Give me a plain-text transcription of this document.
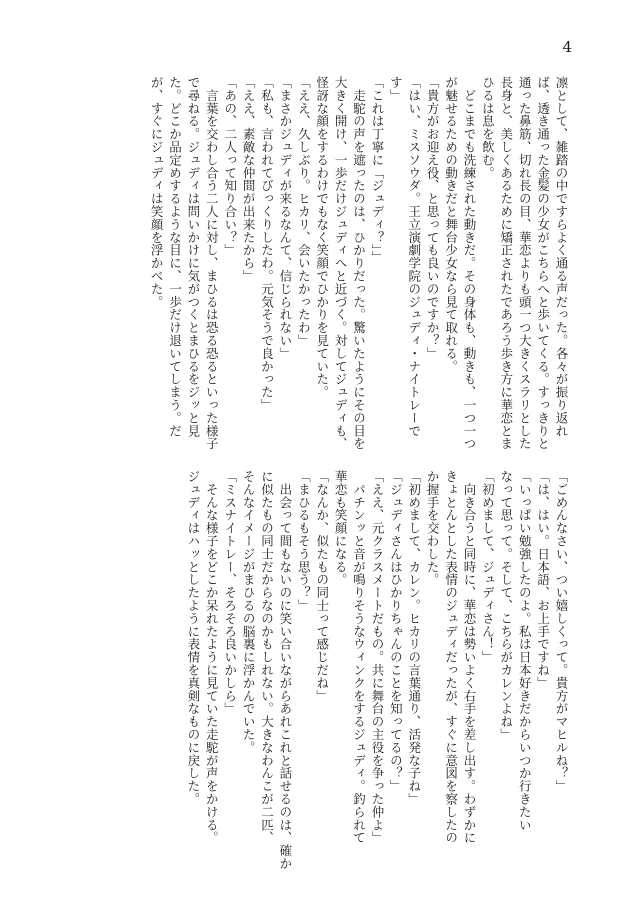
4
凛として、雑踏の中ですらよく通る声だった。各々が振り返れ
ば、透き通った金髪の少女がこちらへと歩いてくる。すっきりと
通った鼻筋、切れ長の目、華恋よりも頭一つ大きくスラリとした
長身と、美しくあるために矯正されたであろう歩き方に華恋とま
ひるは息を飲む。
　どこまでも洗練された動きだ。その身体も、動きも、一つ一つ
が魅せるための動きだと舞台少女なら見て取れる。
「貴方がお迎え役、と思っても良いのですか？」
「はい、ミスソウダ。王立演劇学院のジュディ・ナイトレーで
す」
「これは丁寧に「ジュディ？」」
　走駝の声を遮ったのは、ひかりだった。驚いたようにその目を
大きく開け、一歩だけジュディへと近づく。対してジュディも、
怪訝な顔をするわけでもなく笑顔でひかりを見ていた。
「ええ、久しぶり。ヒカリ、会いたかったわ」
「まさかジュディが来るなんて、信じられない」
「私も、言われてびっくりしたわ。元気そうで良かった」
「ええ、素敵な仲間が出来たから」
「あの、二人って知り合い？」
　言葉を交わし合う二人に対し、まひるは恐る恐るといった様子
で尋ねる。ジュディは問いかけに気がつくとまひるをジッと見
た。どこか品定めするような目に、一歩だけ退いてしまう。だ
が、すぐにジュディは笑顔を浮かべた。
「ごめんなさい、つい嬉しくって。貴方がマヒルね？」
「は、はい。日本語、お上手ですね」
「いっぱい勉強したのよ。私は日本好きだからいつか行きたい
なって思って。そして、こちらがカレンよね」
「初めまして、ジュディさん！」
　向き合うと同時に、華恋は勢いよく右手を差し出す。わずかに
きょとんとした表情のジュディだったが、すぐに意図を察したの
か握手を交わした。
「初めまして、カレン。ヒカリの言葉通り、活発な子ね」
「ジュディさんはひかりちゃんのことを知ってるの？」
「ええ、元クラスメートだもの。共に舞台の主役を争った仲よ」
　パチンッと音が鳴りそうなウィンクをするジュディ。釣られて
華恋も笑顔になる。
「なんか、似たもの同士って感じだね」
「まひるもそう思う？」
　出会って間もないのに笑い合いながらあれこれと話せるのは、確か
に似たもの同士だからなのかもしれない。大きなわんこが二匹、
そんなイメージがまひるの脳裏に浮かんでいた。
「ミスナイトレー、そろそろ良いかしら」
　そんな様子をどこか呆れたように見ていた走駝が声をかける。
ジュディはハッとしたように表情を真剣なものに戻した。
